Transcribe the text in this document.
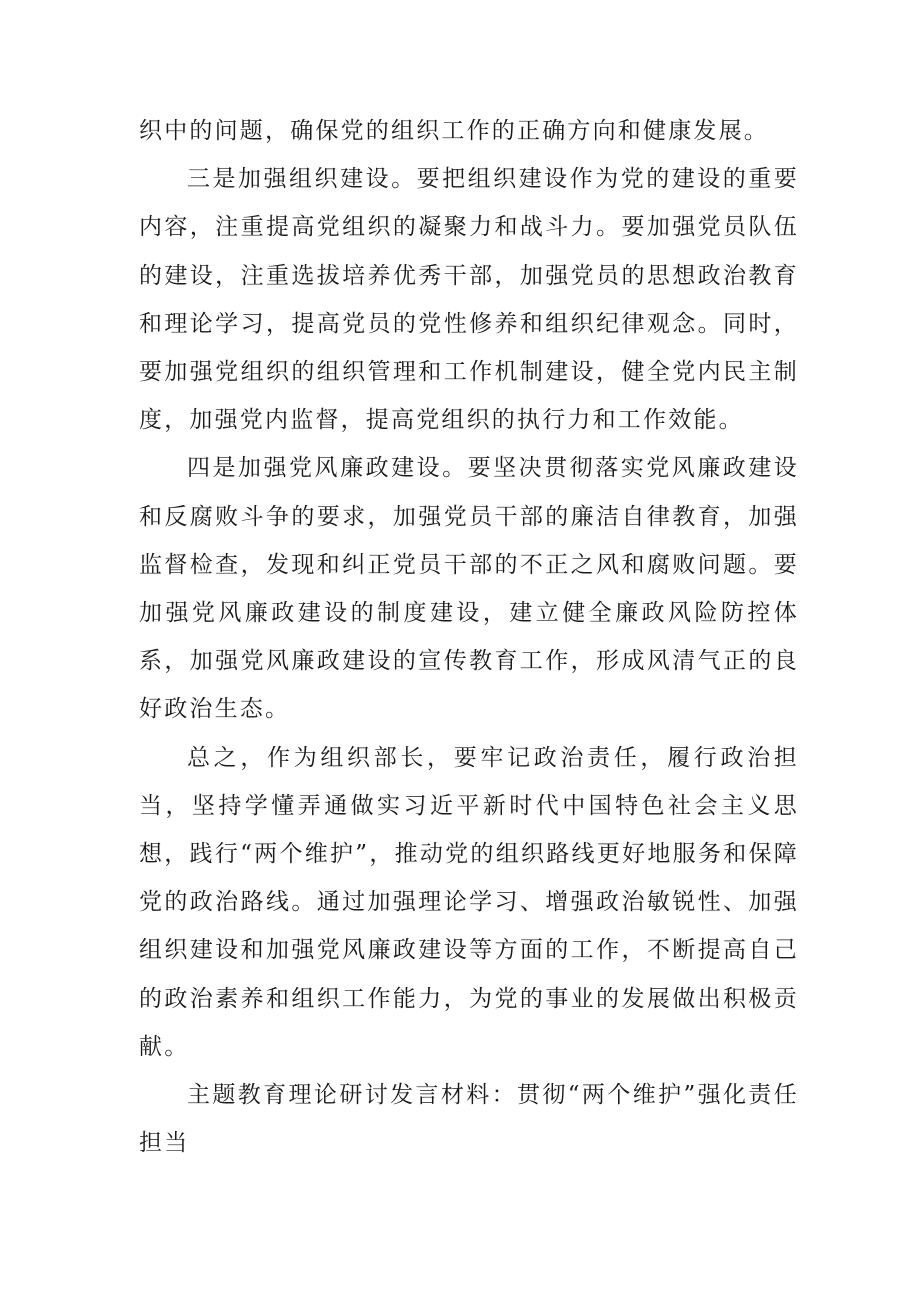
织中的问题，确保党的组织工作的正确方向和健康发展。

三是加强组织建设。要把组织建设作为党的建设的重要内容，注重提高党组织的凝聚力和战斗力。要加强党员队伍的建设，注重选拔培养优秀干部，加强党员的思想政治教育和理论学习，提高党员的党性修养和组织纪律观念。同时，要加强党组织的组织管理和工作机制建设，健全党内民主制度，加强党内监督，提高党组织的执行力和工作效能。

四是加强党风廉政建设。要坚决贯彻落实党风廉政建设和反腐败斗争的要求，加强党员干部的廉洁自律教育，加强监督检查，发现和纠正党员干部的不正之风和腐败问题。要加强党风廉政建设的制度建设，建立健全廉政风险防控体系，加强党风廉政建设的宣传教育工作，形成风清气正的良好政治生态。

总之，作为组织部长，要牢记政治责任，履行政治担当，坚持学懂弄通做实习近平新时代中国特色社会主义思想，践行“两个维护”，推动党的组织路线更好地服务和保障党的政治路线。通过加强理论学习、增强政治敏锐性、加强组织建设和加强党风廉政建设等方面的工作，不断提高自己的政治素养和组织工作能力，为党的事业的发展做出积极贡献。

主题教育理论研讨发言材料：贯彻“两个维护”强化责任担当
